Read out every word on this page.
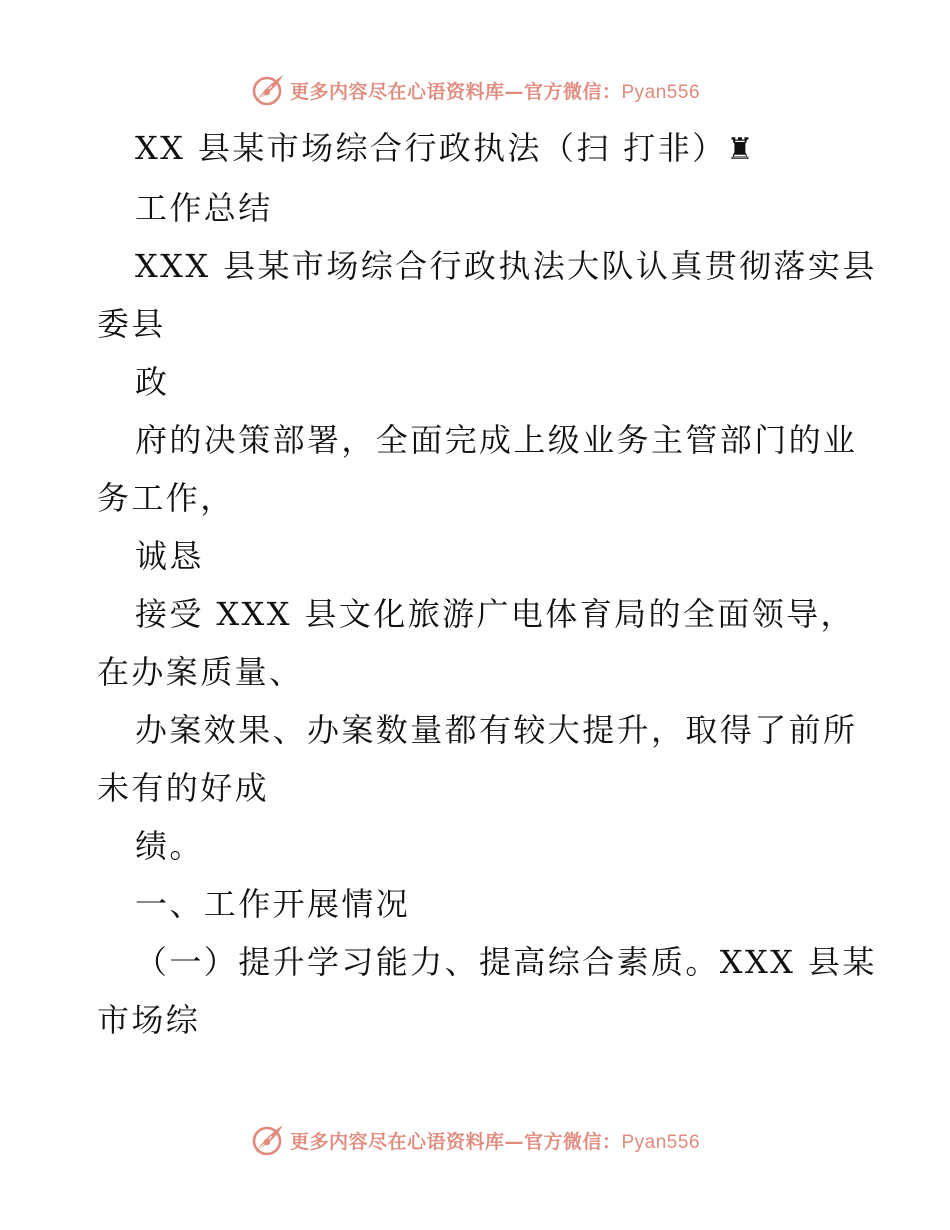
更多内容尽在心语资料库—官方微信：Pyan556

XX 县某市场综合行政执法（扫 打非）♜

工作总结

XXX 县某市场综合行政执法大队认真贯彻落实县

委县

政

府的决策部署，全面完成上级业务主管部门的业

务工作，

诚恳

接受 XXX 县文化旅游广电体育局的全面领导，

在办案质量、

办案效果、办案数量都有较大提升，取得了前所

未有的好成

绩。

一、工作开展情况

（一）提升学习能力、提高综合素质。XXX 县某

市场综

更多内容尽在心语资料库—官方微信：Pyan556
